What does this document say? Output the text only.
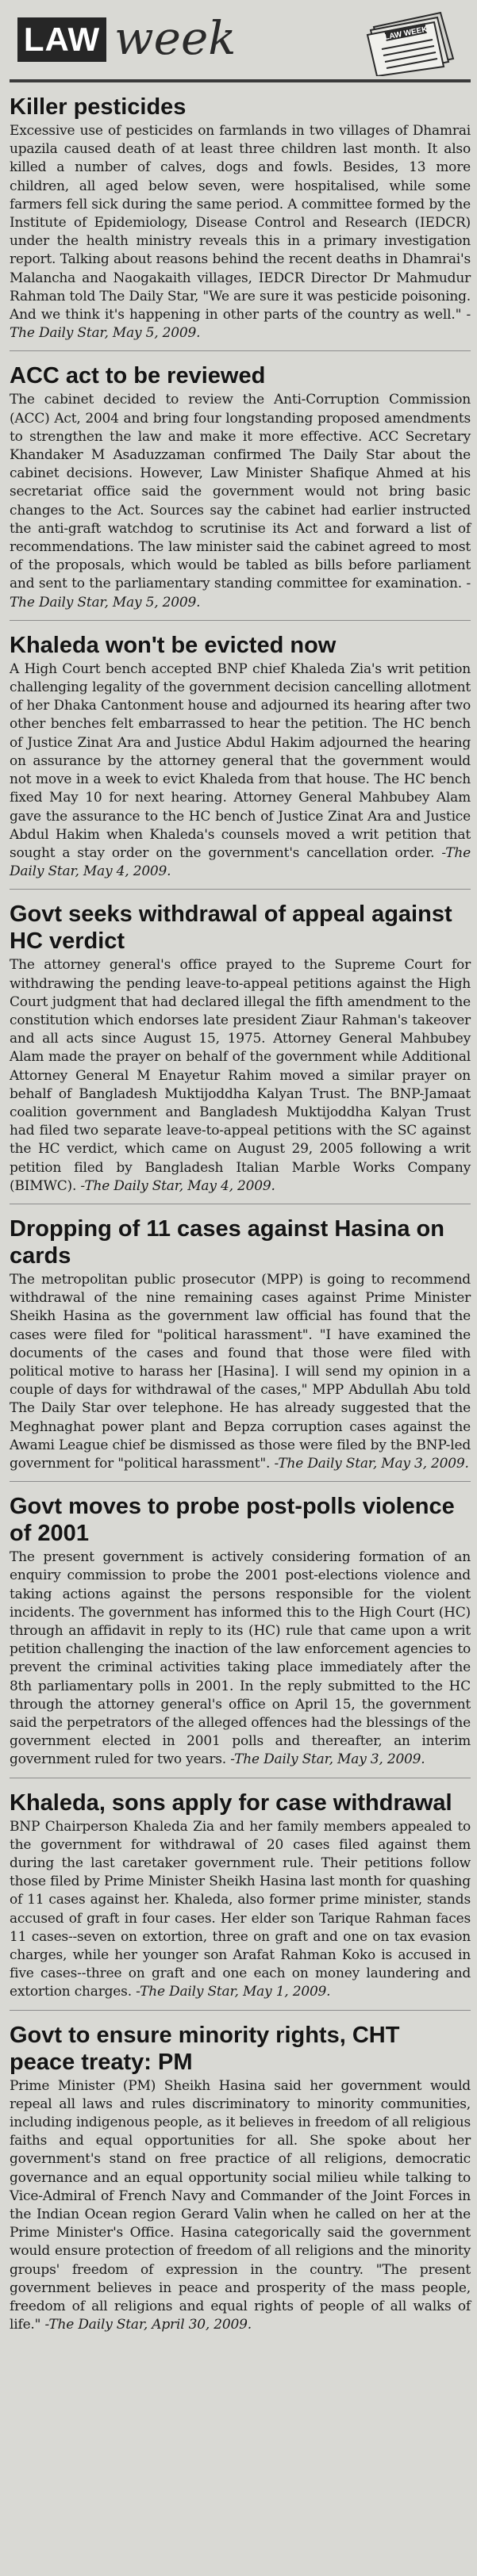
LAW week	LAW WEEK
Killer pesticides

Excessive use of pesticides on farmlands in two villages of Dhamrai upazila caused death of at least three children last month. It also killed a number of calves, dogs and fowls. Besides, 13 more children, all aged below seven, were hospitalised, while some farmers fell sick during the same period. A committee formed by the Institute of Epidemiology, Disease Control and Research (IEDCR) under the health ministry reveals this in a primary investigation report. Talking about reasons behind the recent deaths in Dhamrai's Malancha and Naogakaith villages, IEDCR Director Dr Mahmudur Rahman told The Daily Star, "We are sure it was pesticide poisoning. And we think it's happening in other parts of the country as well." -The Daily Star, May 5, 2009.

ACC act to be reviewed

The cabinet decided to review the Anti-Corruption Commission (ACC) Act, 2004 and bring four longstanding proposed amendments to strengthen the law and make it more effective. ACC Secretary Khandaker M Asaduzzaman confirmed The Daily Star about the cabinet decisions. However, Law Minister Shafique Ahmed at his secretariat office said the government would not bring basic changes to the Act. Sources say the cabinet had earlier instructed the anti-graft watchdog to scrutinise its Act and forward a list of recommendations. The law minister said the cabinet agreed to most of the proposals, which would be tabled as bills before parliament and sent to the parliamentary standing committee for examination. -The Daily Star, May 5, 2009.

Khaleda won't be evicted now

A High Court bench accepted BNP chief Khaleda Zia's writ petition challenging legality of the government decision cancelling allotment of her Dhaka Cantonment house and adjourned its hearing after two other benches felt embarrassed to hear the petition. The HC bench of Justice Zinat Ara and Justice Abdul Hakim adjourned the hearing on assurance by the attorney general that the government would not move in a week to evict Khaleda from that house. The HC bench fixed May 10 for next hearing. Attorney General Mahbubey Alam gave the assurance to the HC bench of Justice Zinat Ara and Justice Abdul Hakim when Khaleda's counsels moved a writ petition that sought a stay order on the government's cancellation order. -The Daily Star, May 4, 2009.

Govt seeks withdrawal of appeal against HC verdict

The attorney general's office prayed to the Supreme Court for withdrawing the pending leave-to-appeal petitions against the High Court judgment that had declared illegal the fifth amendment to the constitution which endorses late president Ziaur Rahman's takeover and all acts since August 15, 1975. Attorney General Mahbubey Alam made the prayer on behalf of the government while Additional Attorney General M Enayetur Rahim moved a similar prayer on behalf of Bangladesh Muktijoddha Kalyan Trust. The BNP-Jamaat coalition government and Bangladesh Muktijoddha Kalyan Trust had filed two separate leave-to-appeal petitions with the SC against the HC verdict, which came on August 29, 2005 following a writ petition filed by Bangladesh Italian Marble Works Company (BIMWC). -The Daily Star, May 4, 2009.

Dropping of 11 cases against Hasina on cards

The metropolitan public prosecutor (MPP) is going to recommend withdrawal of the nine remaining cases against Prime Minister Sheikh Hasina as the government law official has found that the cases were filed for "political harassment". "I have examined the documents of the cases and found that those were filed with political motive to harass her [Hasina]. I will send my opinion in a couple of days for withdrawal of the cases," MPP Abdullah Abu told The Daily Star over telephone. He has already suggested that the Meghnaghat power plant and Bepza corruption cases against the Awami League chief be dismissed as those were filed by the BNP-led government for "political harassment". -The Daily Star, May 3, 2009.

Govt moves to probe post-polls violence of 2001

The present government is actively considering formation of an enquiry commission to probe the 2001 post-elections violence and taking actions against the persons responsible for the violent incidents. The government has informed this to the High Court (HC) through an affidavit in reply to its (HC) rule that came upon a writ petition challenging the inaction of the law enforcement agencies to prevent the criminal activities taking place immediately after the 8th parliamentary polls in 2001. In the reply submitted to the HC through the attorney general's office on April 15, the government said the perpetrators of the alleged offences had the blessings of the government elected in 2001 polls and thereafter, an interim government ruled for two years. -The Daily Star, May 3, 2009.

Khaleda, sons apply for case withdrawal

BNP Chairperson Khaleda Zia and her family members appealed to the government for withdrawal of 20 cases filed against them during the last caretaker government rule. Their petitions follow those filed by Prime Minister Sheikh Hasina last month for quashing of 11 cases against her. Khaleda, also former prime minister, stands accused of graft in four cases. Her elder son Tarique Rahman faces 11 cases--seven on extortion, three on graft and one on tax evasion charges, while her younger son Arafat Rahman Koko is accused in five cases--three on graft and one each on money laundering and extortion charges. -The Daily Star, May 1, 2009.

Govt to ensure minority rights, CHT peace treaty: PM

Prime Minister (PM) Sheikh Hasina said her government would repeal all laws and rules discriminatory to minority communities, including indigenous people, as it believes in freedom of all religious faiths and equal opportunities for all. She spoke about her government's stand on free practice of all religions, democratic governance and an equal opportunity social milieu while talking to Vice-Admiral of French Navy and Commander of the Joint Forces in the Indian Ocean region Gerard Valin when he called on her at the Prime Minister's Office. Hasina categorically said the government would ensure protection of freedom of all religions and the minority groups' freedom of expression in the country. "The present government believes in peace and prosperity of the mass people, freedom of all religions and equal rights of people of all walks of life." -The Daily Star, April 30, 2009.
